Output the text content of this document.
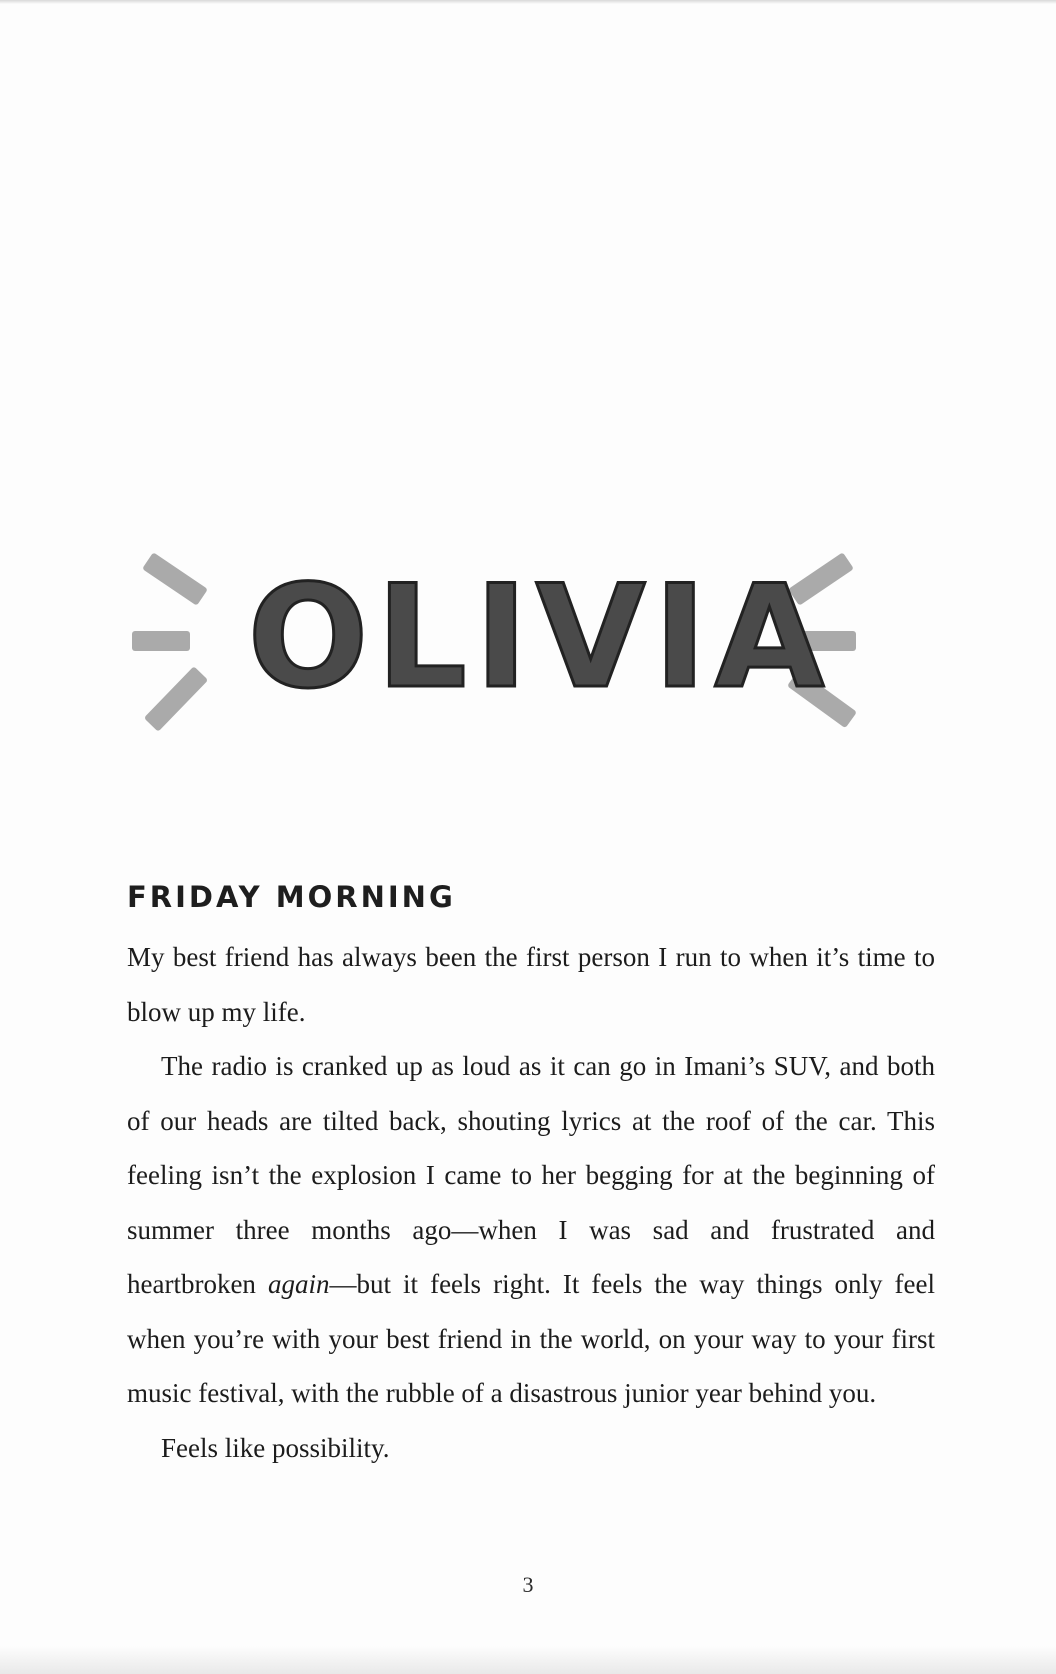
OLIVIA
FRIDAY MORNING

My best friend has always been the first person I run to when it’s time to blow up my life.

The radio is cranked up as loud as it can go in Imani’s SUV, and both of our heads are tilted back, shouting lyrics at the roof of the car. This feeling isn’t the explosion I came to her begging for at the beginning of summer three months ago—when I was sad and frustrated and heartbroken again—but it feels right. It feels the way things only feel when you’re with your best friend in the world, on your way to your first music festival, with the rubble of a disastrous junior year behind you.

Feels like possibility.

3
